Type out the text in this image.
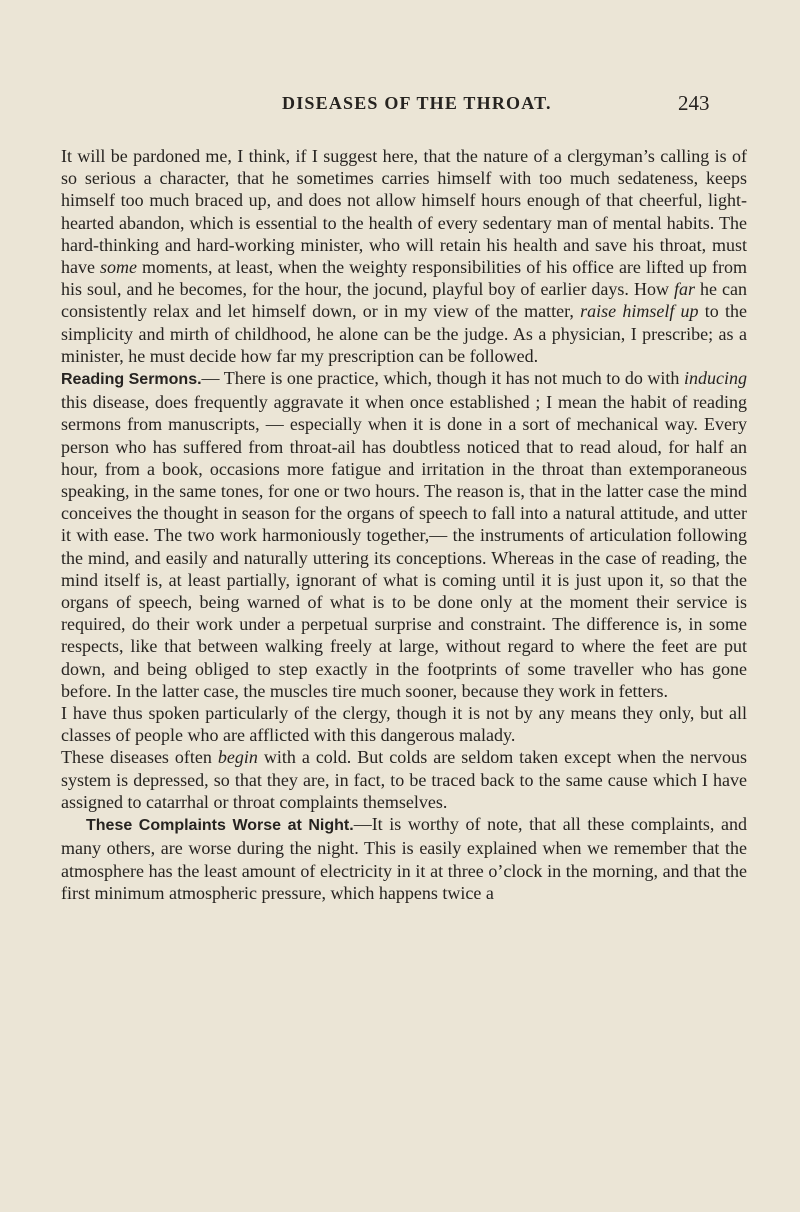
DISEASES OF THE THROAT.	243

It will be pardoned me, I think, if I suggest here, that the nature of a clergyman’s calling is of so serious a character, that he sometimes carries himself with too much sedateness, keeps himself too much braced up, and does not allow himself hours enough of that cheerful, light-hearted abandon, which is essential to the health of every sedentary man of mental habits. The hard-thinking and hard-working minister, who will retain his health and save his throat, must have some moments, at least, when the weighty responsibilities of his office are lifted up from his soul, and he becomes, for the hour, the jocund, playful boy of earlier days. How far he can consistently relax and let himself down, or in my view of the matter, raise himself up to the simplicity and mirth of childhood, he alone can be the judge. As a physician, I prescribe; as a minister, he must decide how far my prescription can be followed.

Reading Sermons.— There is one practice, which, though it has not much to do with inducing this disease, does frequently aggravate it when once established ; I mean the habit of reading sermons from manuscripts, — especially when it is done in a sort of mechanical way. Every person who has suffered from throat-ail has doubtless noticed that to read aloud, for half an hour, from a book, occasions more fatigue and irritation in the throat than extemporaneous speaking, in the same tones, for one or two hours. The reason is, that in the latter case the mind conceives the thought in season for the organs of speech to fall into a natural attitude, and utter it with ease. The two work harmoniously together,— the instruments of articulation following the mind, and easily and naturally uttering its conceptions. Whereas in the case of reading, the mind itself is, at least partially, ignorant of what is coming until it is just upon it, so that the organs of speech, being warned of what is to be done only at the moment their service is required, do their work under a perpetual surprise and constraint. The difference is, in some respects, like that between walking freely at large, without regard to where the feet are put down, and being obliged to step exactly in the footprints of some traveller who has gone before. In the latter case, the muscles tire much sooner, because they work in fetters.

I have thus spoken particularly of the clergy, though it is not by any means they only, but all classes of people who are afflicted with this dangerous malady.

These diseases often begin with a cold. But colds are seldom taken except when the nervous system is depressed, so that they are, in fact, to be traced back to the same cause which I have assigned to catarrhal or throat complaints themselves.

These Complaints Worse at Night.—It is worthy of note, that all these complaints, and many others, are worse during the night. This is easily explained when we remember that the atmosphere has the least amount of electricity in it at three o’clock in the morning, and that the first minimum atmospheric pressure, which happens twice a
